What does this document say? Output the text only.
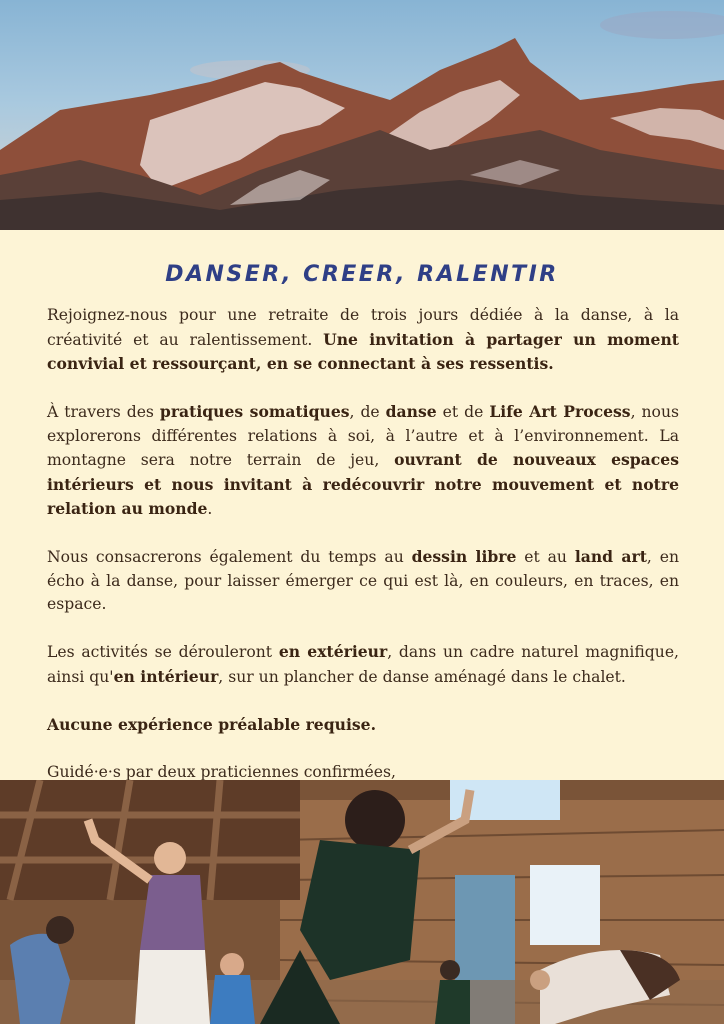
DANSER, CREER, RALENTIR

Rejoignez-nous pour une retraite de trois jours dédiée à la danse, à la créativité et au ralentissement. Une invitation à partager un moment convivial et ressourçant, en se connectant à ses ressentis.

À travers des pratiques somatiques, de danse et de Life Art Process, nous explorerons différentes relations à soi, à l’autre et à l’environnement. La montagne sera notre terrain de jeu, ouvrant de nouveaux espaces intérieurs et nous invitant à redécouvrir notre mouvement et notre relation au monde.

Nous consacrerons également du temps au dessin libre et au land art, en écho à la danse, pour laisser émerger ce qui est là, en couleurs, en traces, en espace.

Les activités se dérouleront en extérieur, dans un cadre naturel magnifique, ainsi qu'en intérieur, sur un plancher de danse aménagé dans le chalet.

Aucune expérience préalable requise.

Guidé·e·s par deux praticiennes confirmées,
